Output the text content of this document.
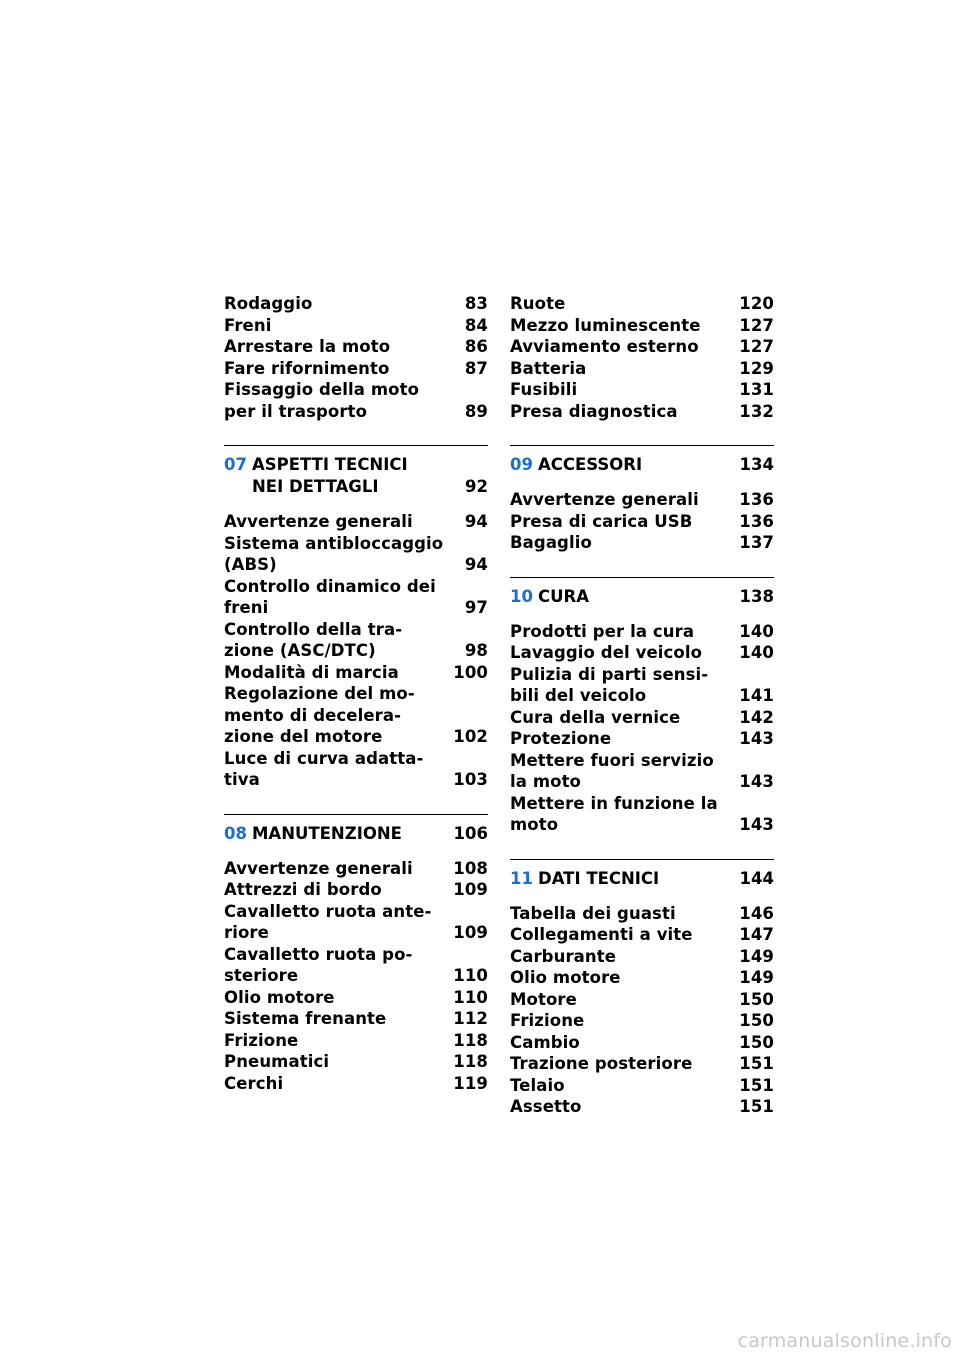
Rodaggio	83
Freni	84
Arrestare la moto	86
Fare rifornimento	87
Fissaggio della moto
per il trasporto	89
07 ASPETTI TECNICI
NEI DETTAGLI	92
Avvertenze generali	94
Sistema antibloccaggio
(ABS)	94
Controllo dinamico dei
freni	97
Controllo della tra-
zione (ASC/DTC)	98
Modalità di marcia	100
Regolazione del mo-
mento di decelera-
zione del motore	102
Luce di curva adatta-
tiva	103
08 MANUTENZIONE	106
Avvertenze generali	108
Attrezzi di bordo	109
Cavalletto ruota ante-
riore	109
Cavalletto ruota po-
steriore	110
Olio motore	110
Sistema frenante	112
Frizione	118
Pneumatici	118
Cerchi	119
Ruote	120
Mezzo luminescente	127
Avviamento esterno	127
Batteria	129
Fusibili	131
Presa diagnostica	132
09 ACCESSORI	134
Avvertenze generali	136
Presa di carica USB	136
Bagaglio	137
10 CURA	138
Prodotti per la cura	140
Lavaggio del veicolo	140
Pulizia di parti sensi-
bili del veicolo	141
Cura della vernice	142
Protezione	143
Mettere fuori servizio
la moto	143
Mettere in funzione la
moto	143
11 DATI TECNICI	144
Tabella dei guasti	146
Collegamenti a vite	147
Carburante	149
Olio motore	149
Motore	150
Frizione	150
Cambio	150
Trazione posteriore	151
Telaio	151
Assetto	151
carmanualsonline.info
